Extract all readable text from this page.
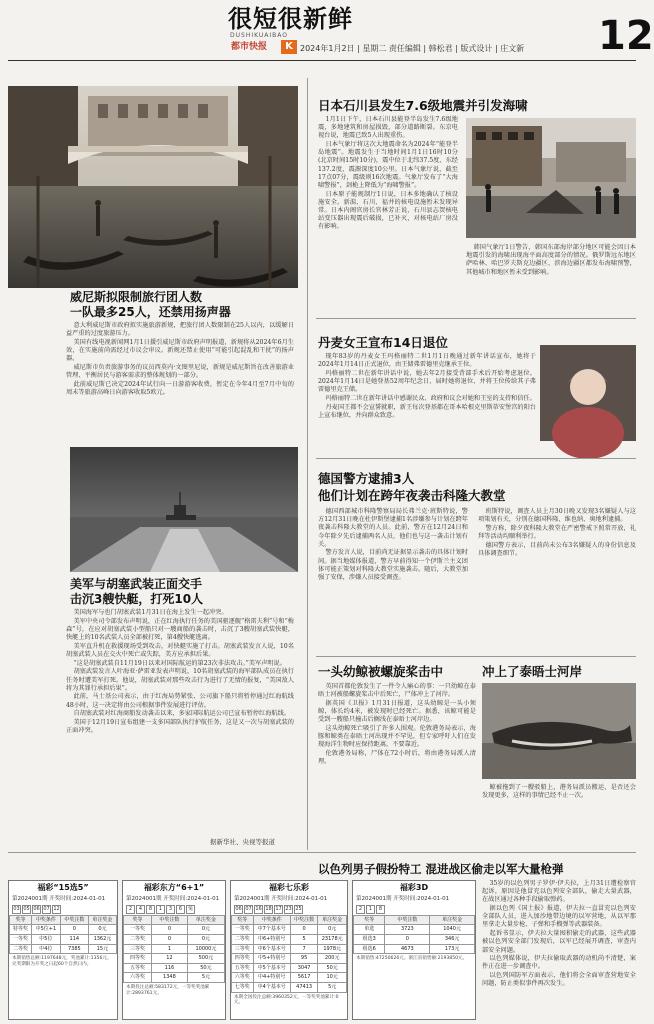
很短很新鲜
DUSHIKUAIBAO
都市快报	K 2024年1月2日 | 星期二 责任编辑 | 韩松君 | 版式设计 | 庄文新 12
威尼斯拟限制旅行团人数
一队最多25人，还禁用扬声器

意大利威尼斯市政府拟实施旅游新规，把旅行团人数限制在25人以内，以缓解日益严重的过度旅游压力。

美国有线电视新闻网1月1日援引威尼斯市政府声明报道，新规将从2024年6月生效，在实施前尚需经过市议会审议。新规还禁止使用“可能引起混乱和干扰”的扬声器。

威尼斯市负责旅游事务的议员西莫内·文图里尼说，新规是威尼斯旨在改善旅游业管理、平衡居民与游客需求的整体规划的一部分。

此前威尼斯已决定2024年试行向一日游游客收费，暂定在今年4月至7月中旬的周末等旅游高峰日向游客收取5欧元。

美军与胡塞武装正面交手
击沉3艘快艇，打死10人

美国海军与也门胡塞武装1月31日在海上发生一起冲突。

美军中央司令部发布声明说，正在红海执行任务的美国驱逐舰“格雷夫利”号和“梅森”号，在应对胡塞武装小型船只对一艘商船的袭击时，击沉了3艘胡塞武装快艇，快艇上的10名武装人员全部被打死，第4艘快艇逃离。

美军直升机在救援现场受到攻击，对快艇实施了打击。胡塞武装发言人说，10名胡塞武装人员在交火中死亡或失踪，美方应承担后果。

“这是胡塞武装自11月19日以来对国际航运的第23次非法攻击。”美军声明说。

胡塞武装发言人叶海亚·萨雷亚发表声明说，10名胡塞武装的海军部队成员在执行任务时遭美军打死。他说，胡塞武装对那些攻击行为进行了无情的报复，“美国敌人将为其罪行承担后果”。

此前，马士基公司表示，由于红海局势紧张，公司旗下船只将暂停通过红海航线48小时，这一决定将由公司根据事件发展进行评估。

自胡塞武装对红海商船发动袭击以来，多家国际航运公司已宣布暂停红海航线。

美国于12月19日宣布组建一支多国部队执行护航任务，这是又一次与胡塞武装的正面冲突。

据新华社、央视等报道
日本石川县发生7.6级地震并引发海啸

1月1日下午，日本石川县能登半岛发生7.6级地震，多地建筑和房屋损毁，部分道路断裂。东京电视台说，地震已致5人出现重伤。

日本气象厅将这次大地震命名为2024年“能登半岛地震”。地震发生于当地时间1月1日16时10分(北京时间15时10分)，震中位于北纬37.5度、东经137.2度，震源深度10公里。日本气象厅说，截至17点07分，震级则16次地震。气象厅发布了“大海啸警报”，剑桅上降低为“海啸警报”。

日本原子能规制厅1日说，日本多地确认了核设施安全。新潟、石川、福井的核电设施暂未发现异常。日本内阁官房长官林芳正说，石川县志贺核电站变压器出现震后破损，已补灭，对核电站厂房没有影响。

韩国气象厅1日警告，韩国东部海岸部分地区可能会因日本地震引发的海啸出现海平面高度部分的情况。俄罗斯远东地区萨哈林、哈巴罗夫斯克边疆区、滨海边疆区都发布海啸预警，其他城市和地区暂未受到影响。

丹麦女王宣布14日退位

现年83岁的丹麦女王玛格丽特二世1月1日晚通过新年讲话宣布，她将于2024年1月14日正式退位，由王储弗雷德里克继承王位。

玛格丽特二世在新年讲话中说，她去年2月接受背部手术后开始考虑退位。2024年1月14日是她登基52周年纪念日，届时她将退位，并将王位传给其子弗雷德里克王储。

玛格丽特二世在新年讲话中感谢民众、政府和议会对她和王室的支持和信任。

丹麦国王都不会宣誓就职，新王每次登基都在哥本哈根克里斯蒂安堡宫的阳台上宣布继位，并向群众致意。

德国警方逮捕3人
他们计划在跨年夜袭击科隆大教堂

德国西部城市科隆警察局局长弗兰克·班斯特说，警方12月31日晚在杜伊斯堡逮捕1名涉嫌参与计划在跨年夜袭击科隆大教堂的人员。此前，警方在12月24日和今年除夕先后逮捕两名人员，他们也与这一袭击计划有关。

警方发言人说，目前尚无证据显示袭击的具体计划时间。据当地媒体报道，警方早前得知一个伊斯兰主义团体可能正策划对科隆大教堂实施袭击。随后，大教堂加强了安保，涉嫌人员接受调查。

班斯特说，调查人员上月30日晚又发现3名嫌疑人与这项策划有关，分别在德国科隆、维也纳、奥地利逮捕。

警方称，除夕夜科隆大教堂在严密警戒下照常开放，礼拜等活动均顺利举行。

德国警方表示，目前尚未公布3名嫌疑人的身份信息及具体调查细节。

一头幼鲸被螺旋桨击中	冲上了泰晤士河岸

英国首都伦敦发生了一件令人痛心的事：一只幼鲸在泰晤士河被船螺旋桨击中后死亡，尸体冲上了河岸。

据英国《卫报》1月31日报道，这头幼鲸是一头小须鲸，体长约4米，被发现时已经死亡。据悉，该鲸可能是受到一艘船只撞击后搁浅在泰晤士河岸边。

这头幼鲸死亡吸引了许多人围观。伦敦港务局表示，海豚和鲸类在泰晤士河出现并不罕见，但专家呼吁人们在发现海洋生物时应保持距离，不要靠近。

伦敦港务局称，尸体在72小时后，将由港务局派人清理。

鲸被拖到了一艘驳船上，港务局派员搬运，是否还会发现更多，这样的事情已经不止一次。

以色列男子假扮特工 混进战区偷走以军大量枪弹

35岁的以色列男子罗伊·伊夫拉，上月31日遭检察官起诉，原因是他冒充以色列安全部队，偷走大量武器，在战区通过各种手段偷取弹药。

据以色列《国土报》报道，伊夫拉一直冒充以色列安全部队人员，进入加沙地带边境的以军营地，从以军那里拿走大量步枪、子弹和手榴弹等武器装备。

起诉书显示，伊夫拉大量囤积偷走的武器，这些武器被以色列安全部门发现后，以军已经展开调查，审查内部安全问题。

以色列媒体说，伊夫拉偷取武器的动机尚不清楚，案件正在进一步调查中。

以色列国防军方面表示，他们将会全面审查营地安全问题，防止类似事件再次发生。

福彩“15选5”
第2024001期 开奖时间:2024-01-01
03 05 06 07 12
奖等	中奖条件	中奖注数	单注奖金
特等奖	中5位+1	0	0元
一等奖	中5位	114	1362元
二等奖	中4位	7385	15元
本期销售总额:1197648元，奖池累计:1356元。兑奖期限为开奖之日起60个自然日内。
福彩东方“6+1”
第2024001期 开奖时间:2024-01-01
2 4 8 1 3 6 兔
奖等	中奖注数	单注奖金
一等奖	0	0元
二等奖	0	0元
三等奖	1	10000元
四等奖	12	500元
五等奖	116	50元
六等奖	1348	5元
本期投注总额:583172元，一等奖奖池累计:2893761元。
福彩七乐彩
第2024001期 开奖时间:2024-01-01
06 07 16 18 17 23 25
奖等	中奖条件	中奖注数	单注奖金
一等奖	中7个基本号	0	0元
二等奖	中6+特别号	5	23178元
三等奖	中6个基本号	7	1978元
四等奖	中5+特别号	95	200元
五等奖	中5个基本号	3047	50元
六等奖	中4+特别号	5617	10元
七等奖	中4个基本号	47413	5元
本期全国投注总额:3960352元，一等奖奖池累计:0元。
福彩3D
第2024001期 开奖时间:2024-01-01
2 1 8
奖等	中奖注数	单注奖金
单选	3723	1040元
组选3	0	346元
组选6	4673	173元
本期销售:47250626元。浙江省销售额:2193850元。
